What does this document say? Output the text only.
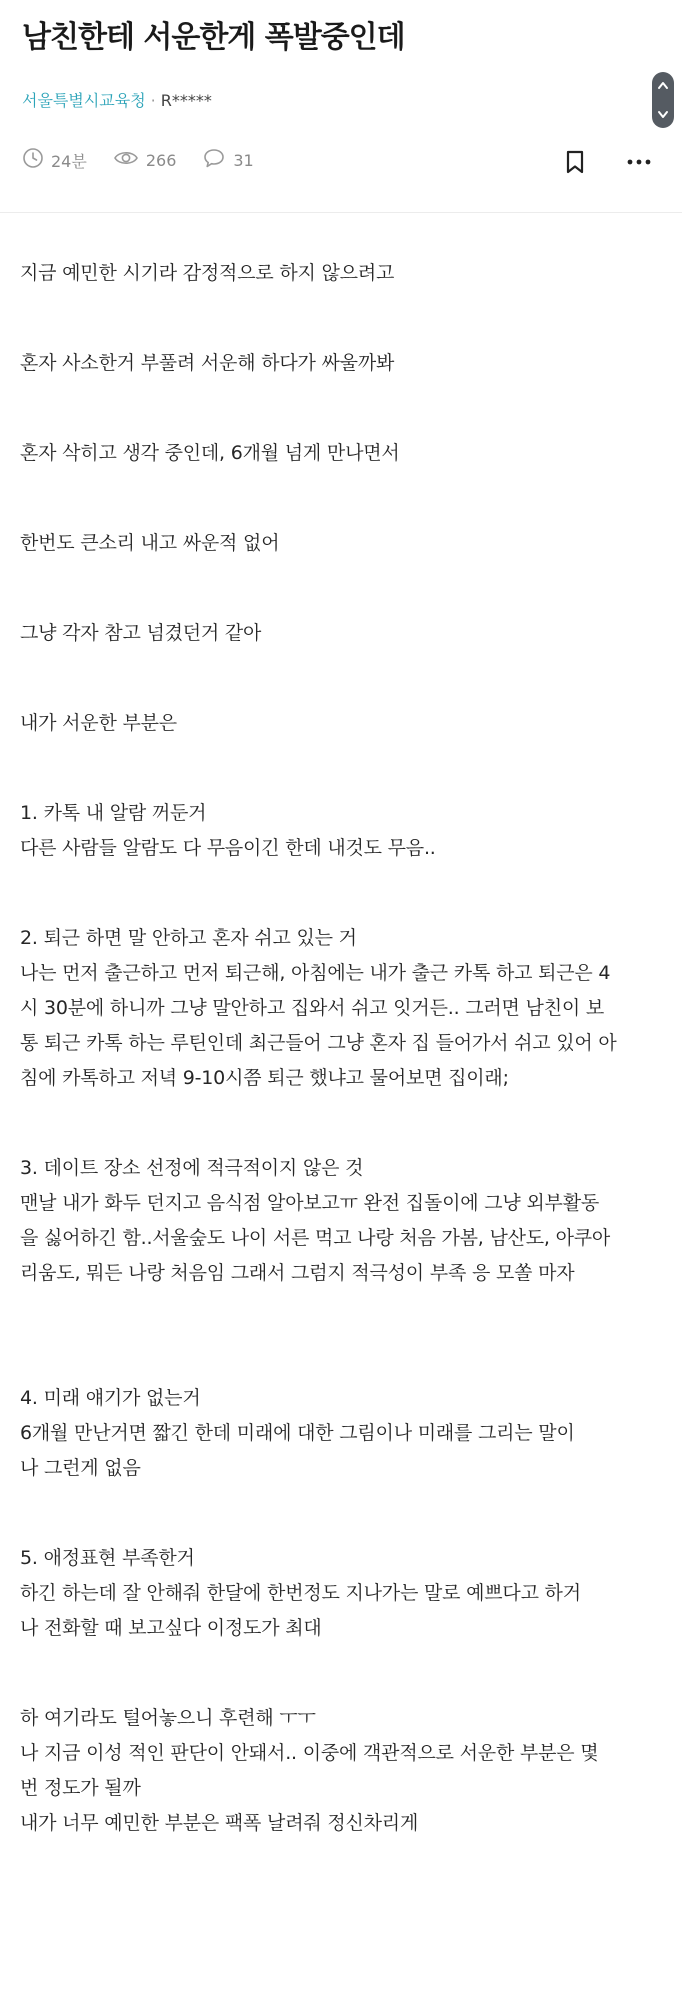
남친한테 서운한게 폭발중인데
서울특별시교육청 · R*****
24분	266	31
지금 예민한 시기라 감정적으로 하지 않으려고
혼자 사소한거 부풀려 서운해 하다가 싸울까봐
혼자 삭히고 생각 중인데, 6개월 넘게 만나면서
한번도 큰소리 내고 싸운적 없어
그냥 각자 참고 넘겼던거 같아
내가 서운한 부분은
1. 카톡 내 알람 꺼둔거
다른 사람들 알람도 다 무음이긴 한데 내것도 무음..
2. 퇴근 하면 말 안하고 혼자 쉬고 있는 거
나는 먼저 출근하고 먼저 퇴근해, 아침에는 내가 출근 카톡 하고 퇴근은 4
시 30분에 하니까 그냥 말안하고 집와서 쉬고 잇거든.. 그러면 남친이 보
통 퇴근 카톡 하는 루틴인데 최근들어 그냥 혼자 집 들어가서 쉬고 있어 아
침에 카톡하고 저녁 9-10시쯤 퇴근 했냐고 물어보면 집이래;
3. 데이트 장소 선정에 적극적이지 않은 것
맨날 내가 화두 던지고 음식점 알아보고ㅠ 완전 집돌이에 그냥 외부활동
을 싫어하긴 함..서울숲도 나이 서른 먹고 나랑 처음 가봄, 남산도, 아쿠아
리움도, 뭐든 나랑 처음임 그래서 그럼지 적극성이 부족 응 모쏠 마자
4. 미래 얘기가 없는거
6개월 만난거면 짧긴 한데 미래에 대한 그림이나 미래를 그리는 말이
나 그런게 없음
5. 애정표현 부족한거
하긴 하는데 잘 안해줘 한달에 한번정도 지나가는 말로 예쁘다고 하거
나 전화할 때 보고싶다 이정도가 최대
하 여기라도 털어놓으니 후련해 ㅜㅜ
나 지금 이성 적인 판단이 안돼서.. 이중에 객관적으로 서운한 부분은 몇
번 정도가 될까
내가 너무 예민한 부분은 팩폭 날려줘 정신차리게
